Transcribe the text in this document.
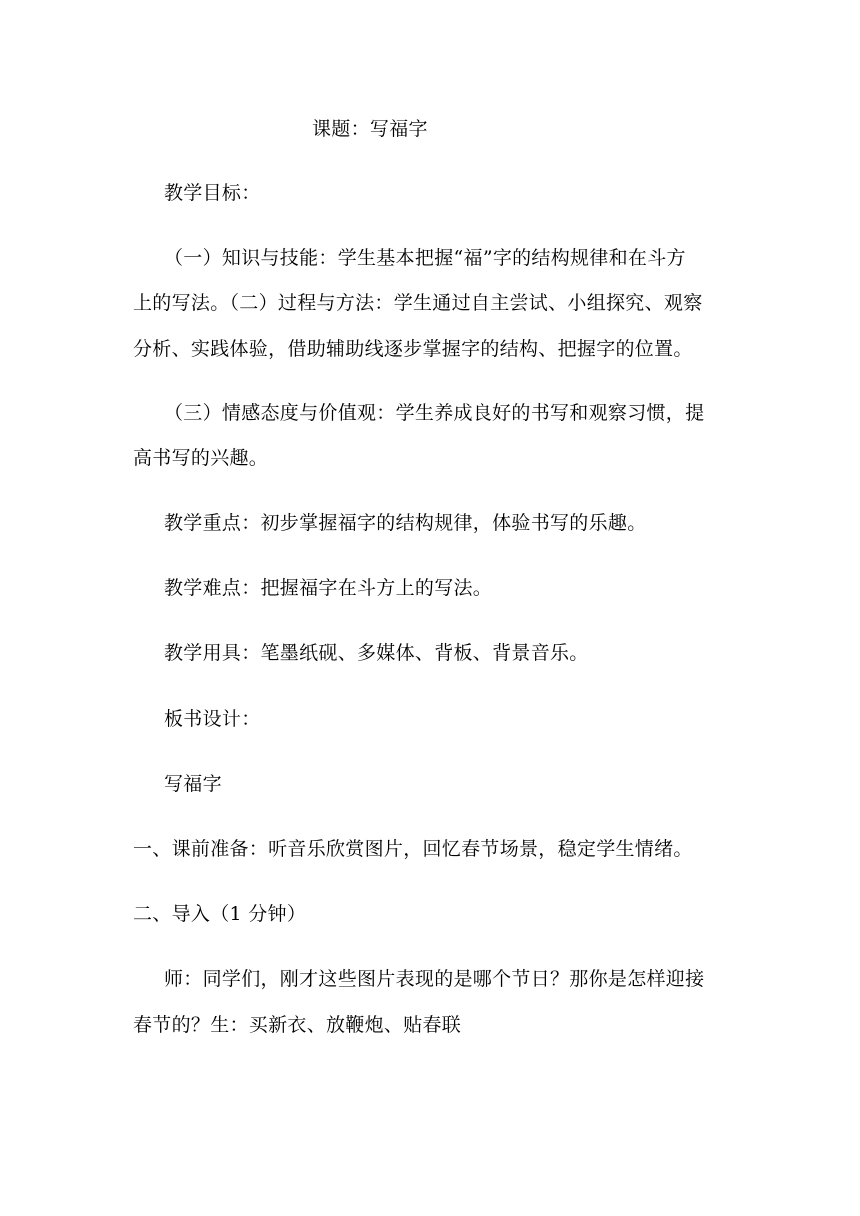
课题：写福字
教学目标：
（一）知识与技能：学生基本把握“福”字的结构规律和在斗方
上的写法。（二）过程与方法：学生通过自主尝试、小组探究、观察
分析、实践体验，借助辅助线逐步掌握字的结构、把握字的位置。
（三）情感态度与价值观：学生养成良好的书写和观察习惯，提
高书写的兴趣。
教学重点：初步掌握福字的结构规律，体验书写的乐趣。
教学难点：把握福字在斗方上的写法。
教学用具：笔墨纸砚、多媒体、背板、背景音乐。
板书设计：
写福字
一、课前准备：听音乐欣赏图片，回忆春节场景，稳定学生情绪。
二、导入（1 分钟）
师：同学们，刚才这些图片表现的是哪个节日？那你是怎样迎接
春节的？生：买新衣、放鞭炮、贴春联
